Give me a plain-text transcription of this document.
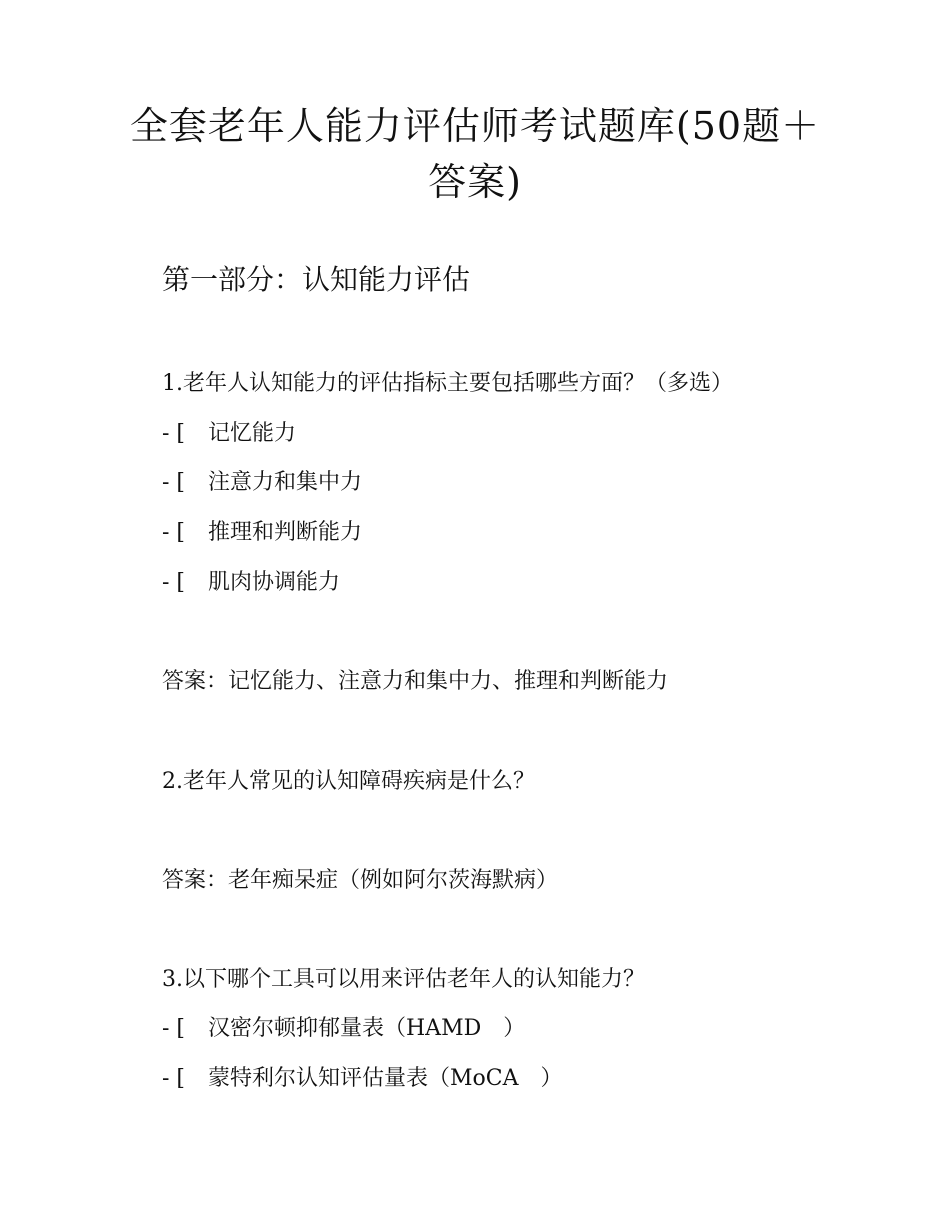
全套老年人能力评估师考试题库(50题＋
答案)
第一部分：认知能力评估
1.老年人认知能力的评估指标主要包括哪些方面？（多选）
- [ 记忆能力
- [ 注意力和集中力
- [ 推理和判断能力
- [ 肌肉协调能力
答案：记忆能力、注意力和集中力、推理和判断能力
2.老年人常见的认知障碍疾病是什么？
答案：老年痴呆症（例如阿尔茨海默病）
3.以下哪个工具可以用来评估老年人的认知能力？
- [ 汉密尔顿抑郁量表（HAMD　）
- [ 蒙特利尔认知评估量表（MoCA　）
